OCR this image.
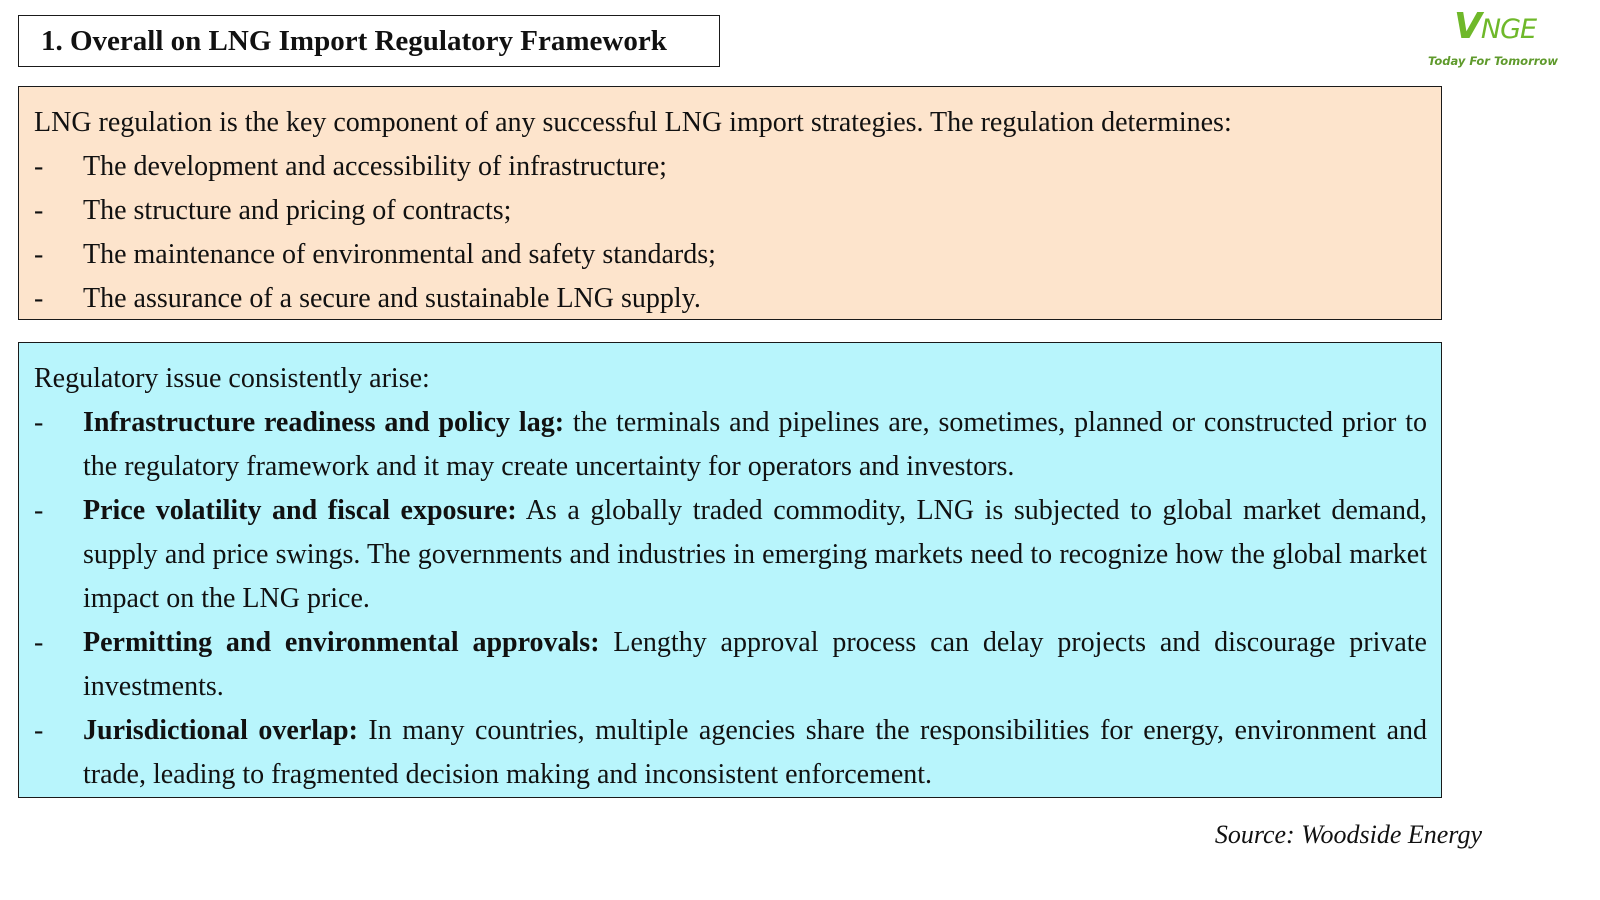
1. Overall on LNG Import Regulatory Framework	VNGE
Today For Tomorrow
LNG regulation is the key component of any successful LNG import strategies. The regulation determines:
- The development and accessibility of infrastructure;
- The structure and pricing of contracts;
- The maintenance of environmental and safety standards;
- The assurance of a secure and sustainable LNG supply.
Regulatory issue consistently arise:
- Infrastructure readiness and policy lag: the terminals and pipelines are, sometimes, planned or constructed prior to the regulatory framework and it may create uncertainty for operators and investors.
- Price volatility and fiscal exposure: As a globally traded commodity, LNG is subjected to global market demand, supply and price swings. The governments and industries in emerging markets need to recognize how the global market impact on the LNG price.
- Permitting and environmental approvals: Lengthy approval process can delay projects and discourage private investments.
- Jurisdictional overlap: In many countries, multiple agencies share the responsibilities for energy, environment and trade, leading to fragmented decision making and inconsistent enforcement.
Source: Woodside Energy
